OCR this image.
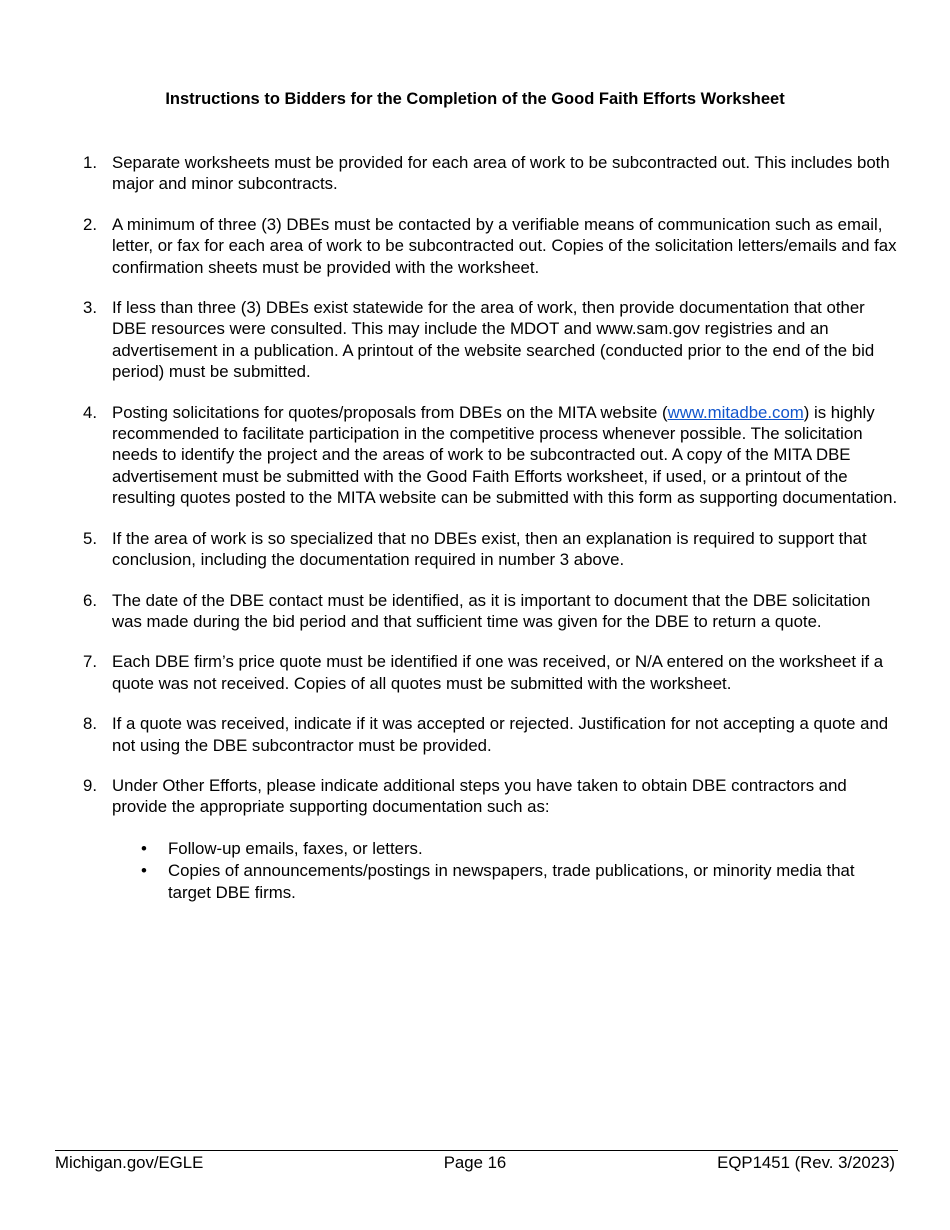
Instructions to Bidders for the Completion of the Good Faith Efforts Worksheet
1. Separate worksheets must be provided for each area of work to be subcontracted out. This includes both major and minor subcontracts.
2. A minimum of three (3) DBEs must be contacted by a verifiable means of communication such as email, letter, or fax for each area of work to be subcontracted out. Copies of the solicitation letters/emails and fax confirmation sheets must be provided with the worksheet.
3. If less than three (3) DBEs exist statewide for the area of work, then provide documentation that other DBE resources were consulted. This may include the MDOT and www.sam.gov registries and an advertisement in a publication. A printout of the website searched (conducted prior to the end of the bid period) must be submitted.
4. Posting solicitations for quotes/proposals from DBEs on the MITA website (www.mitadbe.com) is highly recommended to facilitate participation in the competitive process whenever possible. The solicitation needs to identify the project and the areas of work to be subcontracted out. A copy of the MITA DBE advertisement must be submitted with the Good Faith Efforts worksheet, if used, or a printout of the resulting quotes posted to the MITA website can be submitted with this form as supporting documentation.
5. If the area of work is so specialized that no DBEs exist, then an explanation is required to support that conclusion, including the documentation required in number 3 above.
6. The date of the DBE contact must be identified, as it is important to document that the DBE solicitation was made during the bid period and that sufficient time was given for the DBE to return a quote.
7. Each DBE firm’s price quote must be identified if one was received, or N/A entered on the worksheet if a quote was not received. Copies of all quotes must be submitted with the worksheet.
8. If a quote was received, indicate if it was accepted or rejected. Justification for not accepting a quote and not using the DBE subcontractor must be provided.
9. Under Other Efforts, please indicate additional steps you have taken to obtain DBE contractors and provide the appropriate supporting documentation such as:
• Follow-up emails, faxes, or letters.
• Copies of announcements/postings in newspapers, trade publications, or minority media that target DBE firms.
Michigan.gov/EGLE	Page 16	EQP1451 (Rev. 3/2023)
